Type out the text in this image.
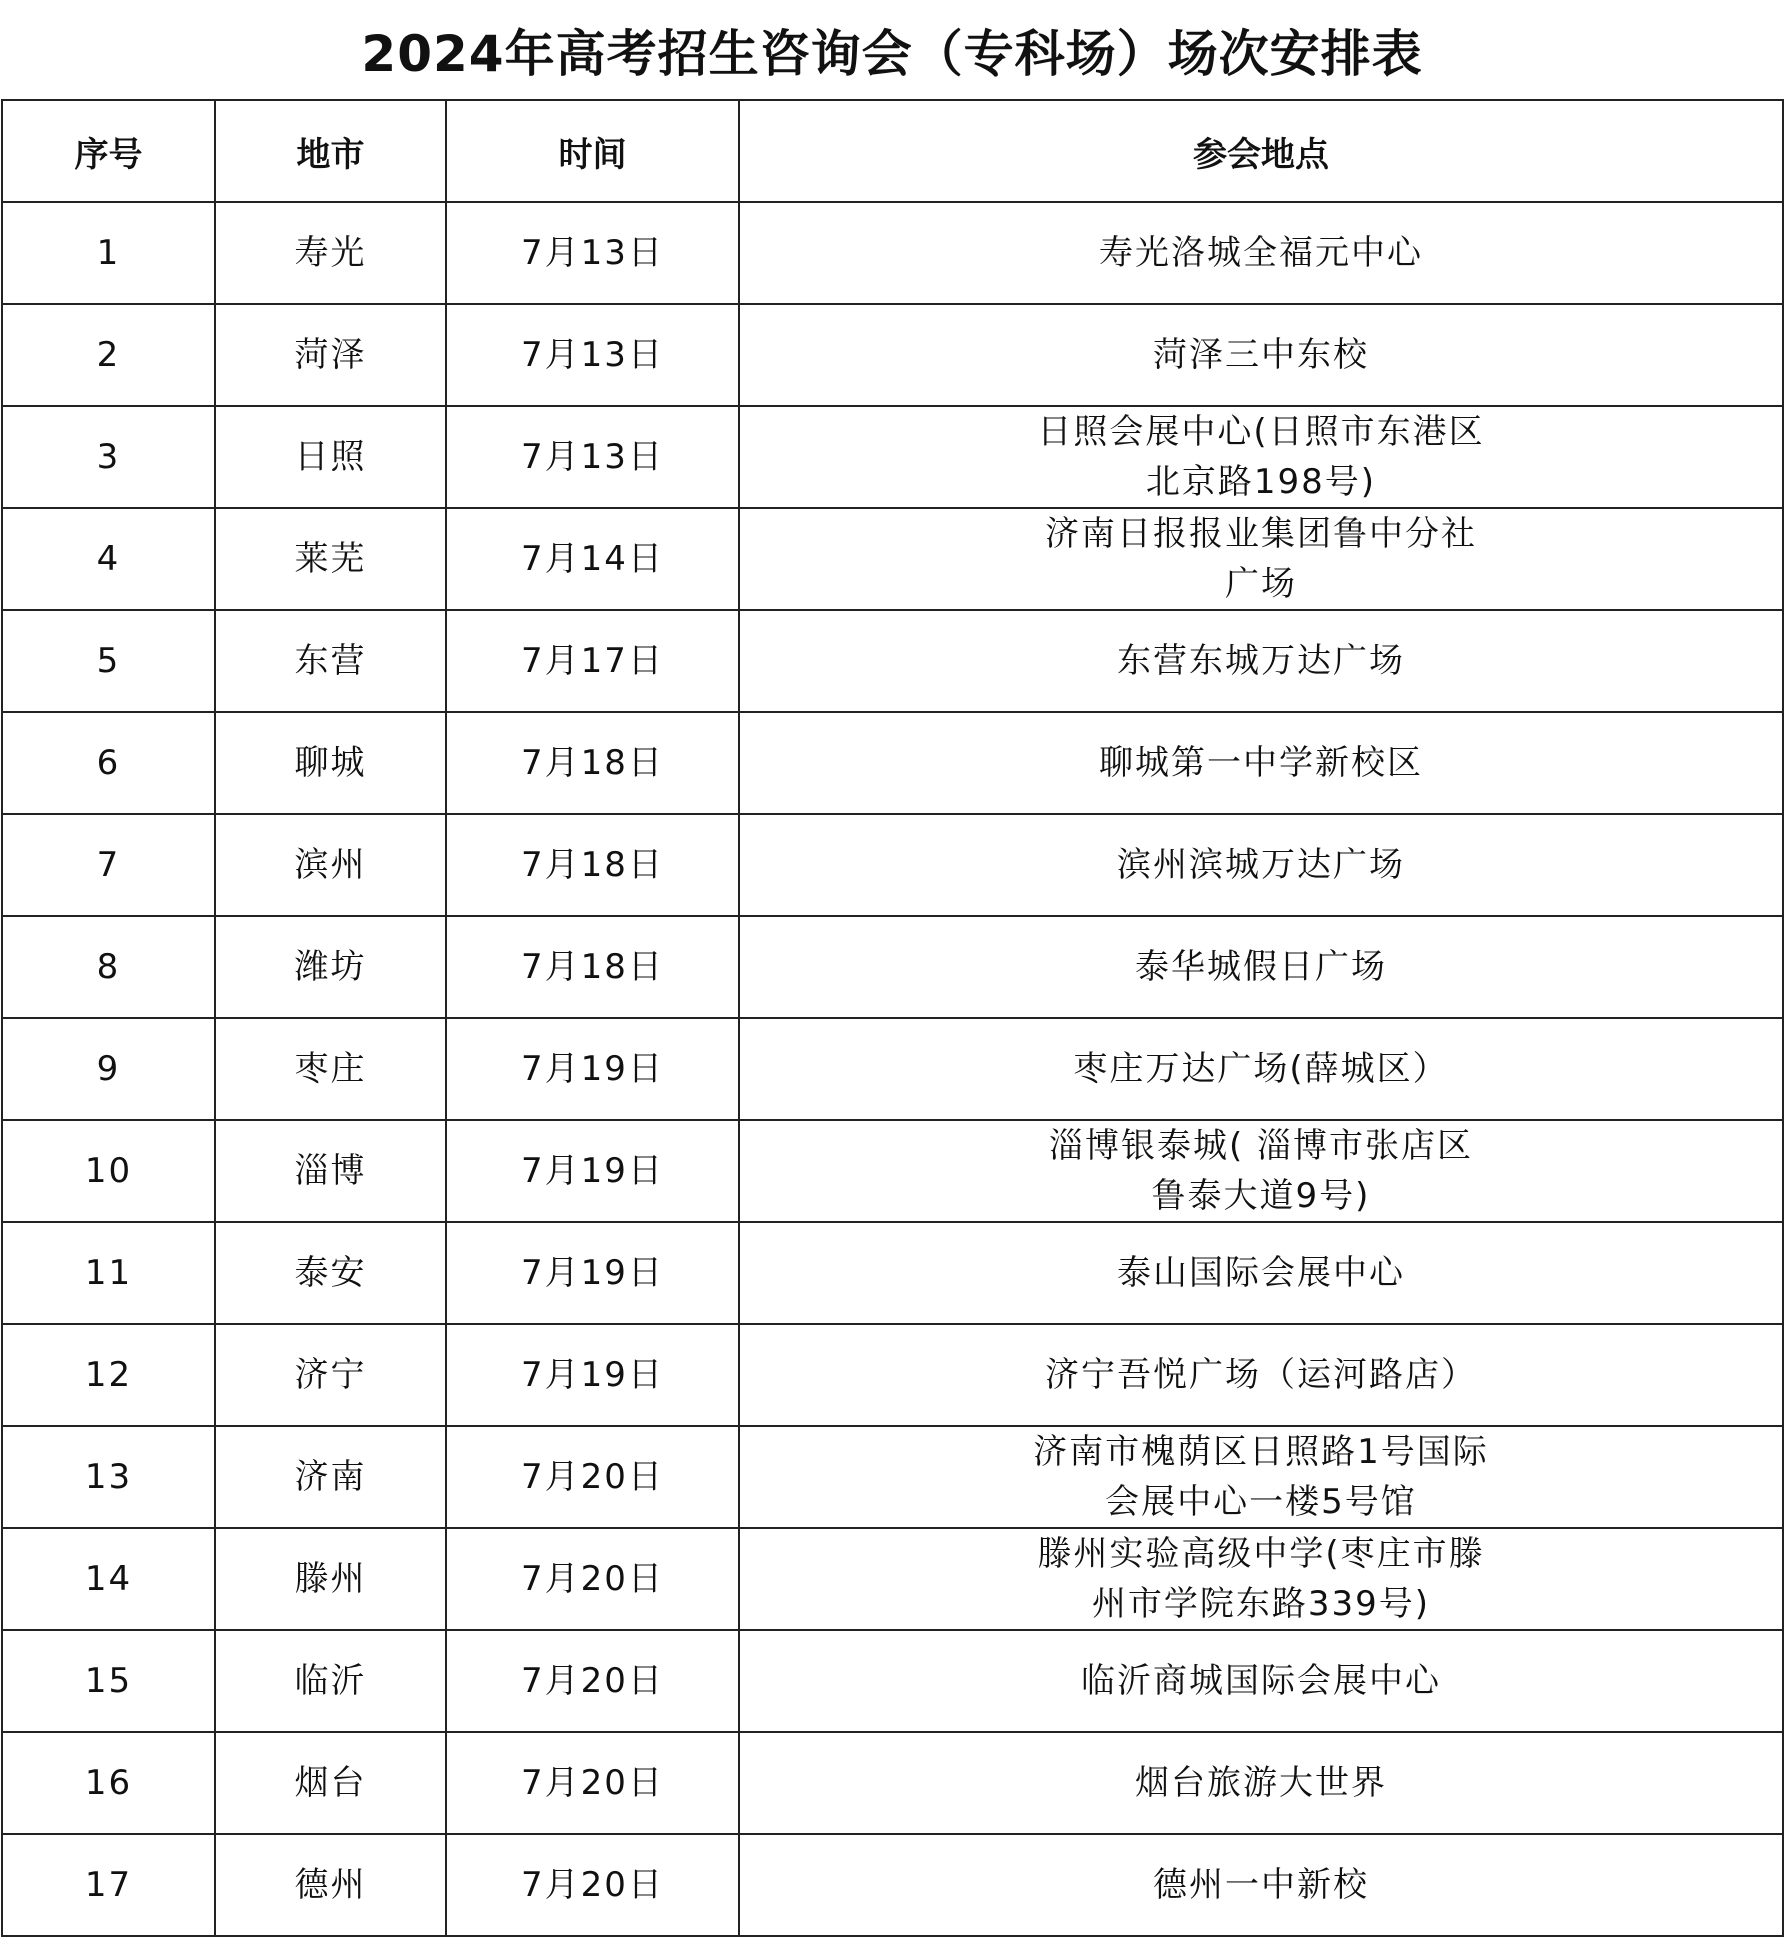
2024年高考招生咨询会（专科场）场次安排表
序号	地市	时间	参会地点
1	寿光	7月13日	寿光洛城全福元中心
2	菏泽	7月13日	菏泽三中东校
3	日照	7月13日	日照会展中心(日照市东港区北京路198号)
4	莱芜	7月14日	济南日报报业集团鲁中分社广场
5	东营	7月17日	东营东城万达广场
6	聊城	7月18日	聊城第一中学新校区
7	滨州	7月18日	滨州滨城万达广场
8	潍坊	7月18日	泰华城假日广场
9	枣庄	7月19日	枣庄万达广场(薛城区）
10	淄博	7月19日	淄博银泰城( 淄博市张店区鲁泰大道9号)
11	泰安	7月19日	泰山国际会展中心
12	济宁	7月19日	济宁吾悦广场（运河路店）
13	济南	7月20日	济南市槐荫区日照路1号国际会展中心一楼5号馆
14	滕州	7月20日	滕州实验高级中学(枣庄市滕州市学院东路339号)
15	临沂	7月20日	临沂商城国际会展中心
16	烟台	7月20日	烟台旅游大世界
17	德州	7月20日	德州一中新校
